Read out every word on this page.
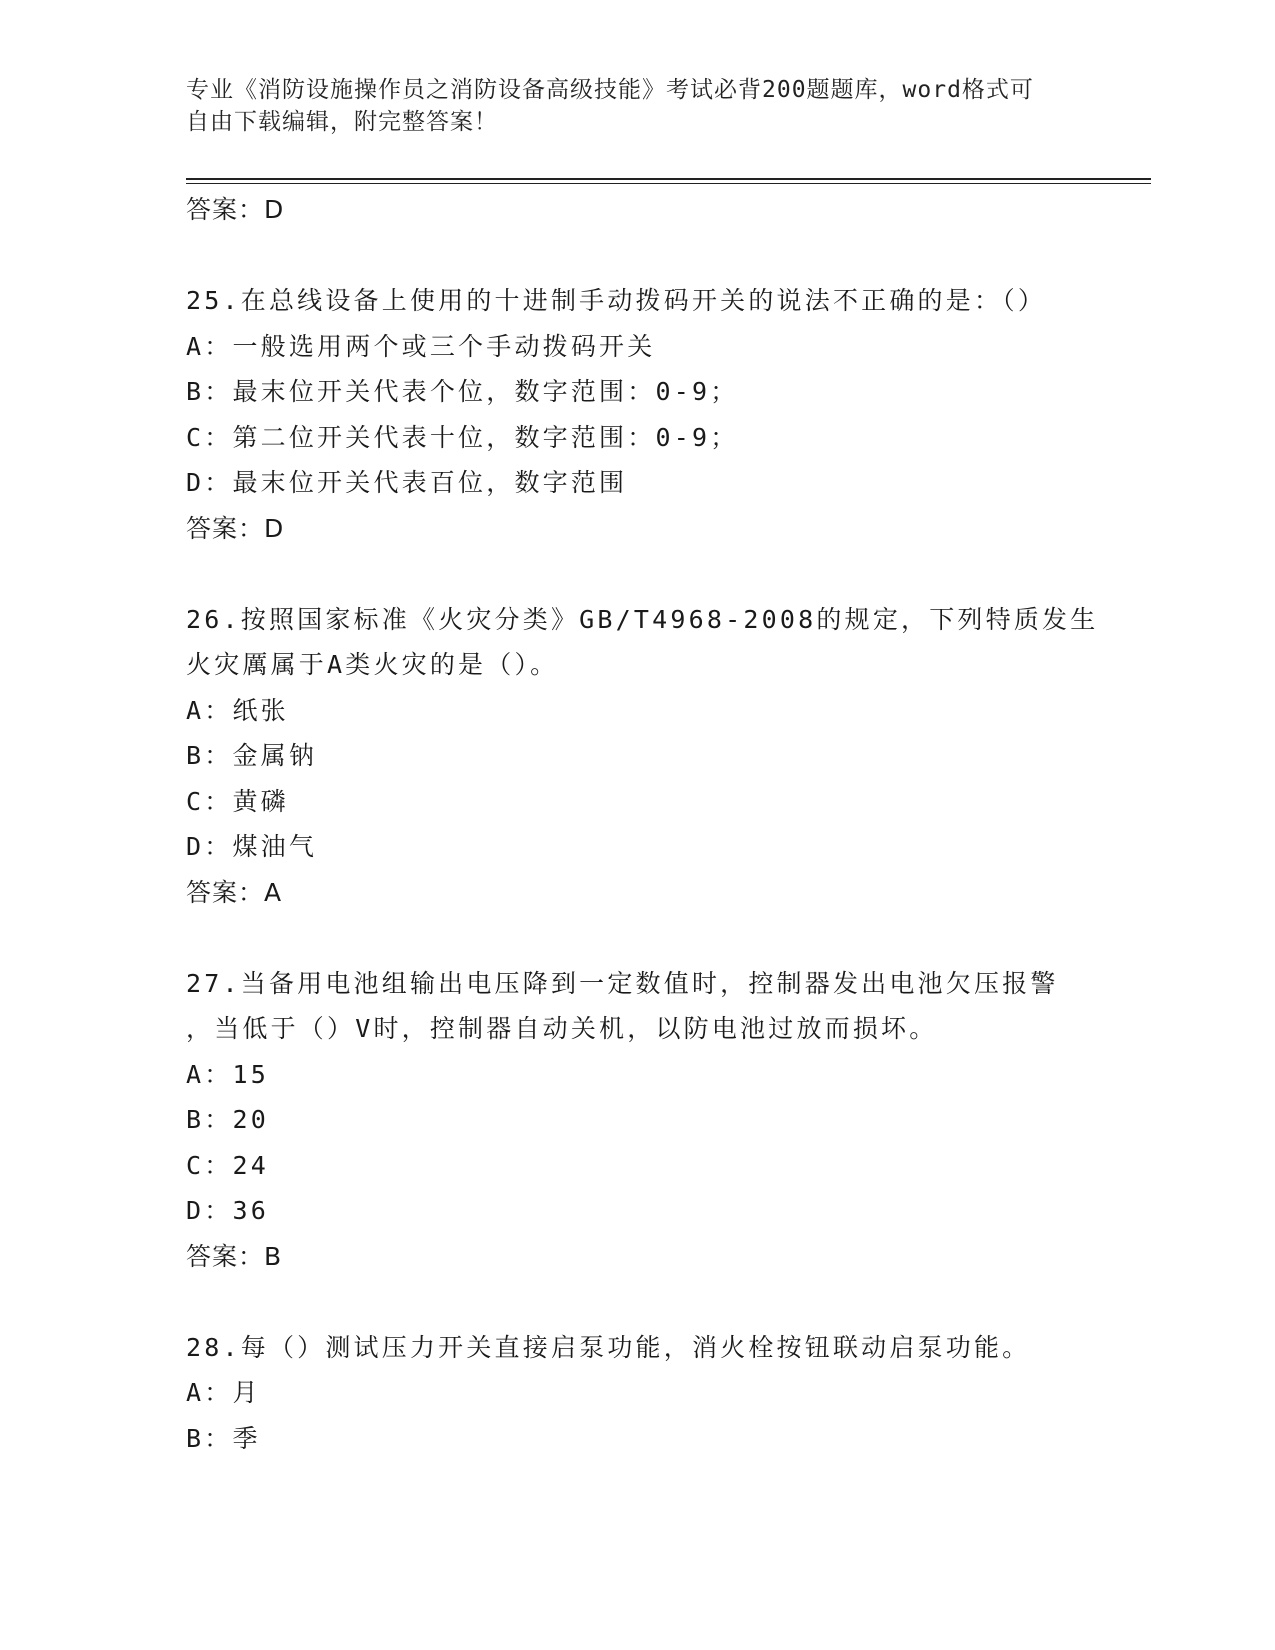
专业《消防设施操作员之消防设备高级技能》考试必背200题题库，word格式可
自由下载编辑，附完整答案！
答案：D
25.在总线设备上使用的十进制手动拨码开关的说法不正确的是：（）
A：一般选用两个或三个手动拨码开关
B：最末位开关代表个位，数字范围：0-9；
C：第二位开关代表十位，数字范围：0-9；
D：最末位开关代表百位，数字范围
答案：D
26.按照国家标准《火灾分类》GB/T4968-2008的规定，下列特质发生
火灾厲属于A类火灾的是（）。
A：纸张
B：金属钠
C：黄磷
D：煤油气
答案：A
27.当备用电池组输出电压降到一定数值时，控制器发出电池欠压报警
，当低于（）V时，控制器自动关机，以防电池过放而损坏。
A：15
B：20
C：24
D：36
答案：B
28.每（）测试压力开关直接启泵功能，消火栓按钮联动启泵功能。
A：月
B：季
